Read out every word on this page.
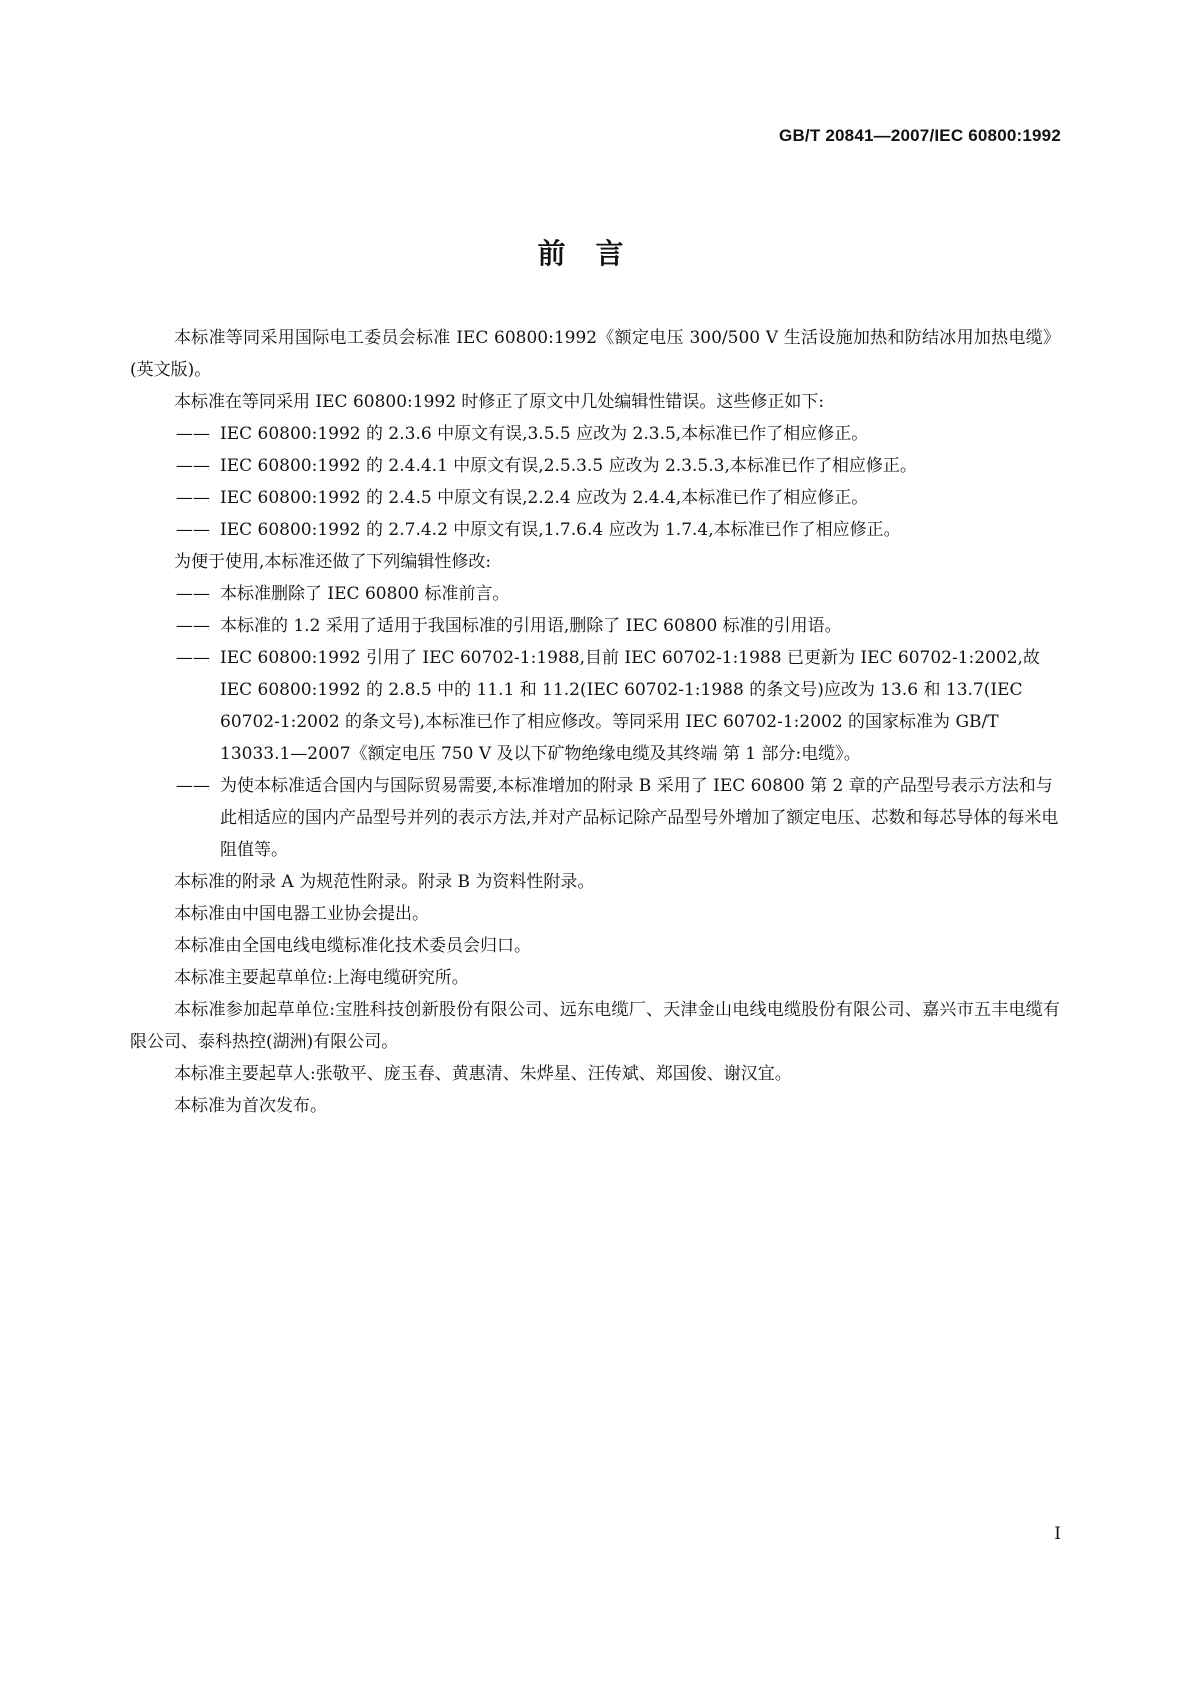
GB/T 20841—2007/IEC 60800:1992
前言

本标准等同采用国际电工委员会标准 IEC 60800:1992《额定电压 300/500 V 生活设施加热和防结冰用加热电缆》(英文版)。

本标准在等同采用 IEC 60800:1992 时修正了原文中几处编辑性错误。这些修正如下:

—— IEC 60800:1992 的 2.3.6 中原文有误,3.5.5 应改为 2.3.5,本标准已作了相应修正。
—— IEC 60800:1992 的 2.4.4.1 中原文有误,2.5.3.5 应改为 2.3.5.3,本标准已作了相应修正。
—— IEC 60800:1992 的 2.4.5 中原文有误,2.2.4 应改为 2.4.4,本标准已作了相应修正。
—— IEC 60800:1992 的 2.7.4.2 中原文有误,1.7.6.4 应改为 1.7.4,本标准已作了相应修正。

为便于使用,本标准还做了下列编辑性修改:

—— 本标准删除了 IEC 60800 标准前言。
—— 本标准的 1.2 采用了适用于我国标准的引用语,删除了 IEC 60800 标准的引用语。
—— IEC 60800:1992 引用了 IEC 60702-1:1988,目前 IEC 60702-1:1988 已更新为 IEC 60702-1:2002,故 IEC 60800:1992 的 2.8.5 中的 11.1 和 11.2(IEC 60702-1:1988 的条文号)应改为 13.6 和 13.7(IEC 60702-1:2002 的条文号),本标准已作了相应修改。等同采用 IEC 60702-1:2002 的国家标准为 GB/T 13033.1—2007《额定电压 750 V 及以下矿物绝缘电缆及其终端 第 1 部分:电缆》。
—— 为使本标准适合国内与国际贸易需要,本标准增加的附录 B 采用了 IEC 60800 第 2 章的产品型号表示方法和与此相适应的国内产品型号并列的表示方法,并对产品标记除产品型号外增加了额定电压、芯数和每芯导体的每米电阻值等。

本标准的附录 A 为规范性附录。附录 B 为资料性附录。

本标准由中国电器工业协会提出。

本标准由全国电线电缆标准化技术委员会归口。

本标准主要起草单位:上海电缆研究所。

本标准参加起草单位:宝胜科技创新股份有限公司、远东电缆厂、天津金山电线电缆股份有限公司、嘉兴市五丰电缆有限公司、泰科热控(湖洲)有限公司。

本标准主要起草人:张敬平、庞玉春、黄惠清、朱烨星、汪传斌、郑国俊、谢汉宜。

本标准为首次发布。

I
